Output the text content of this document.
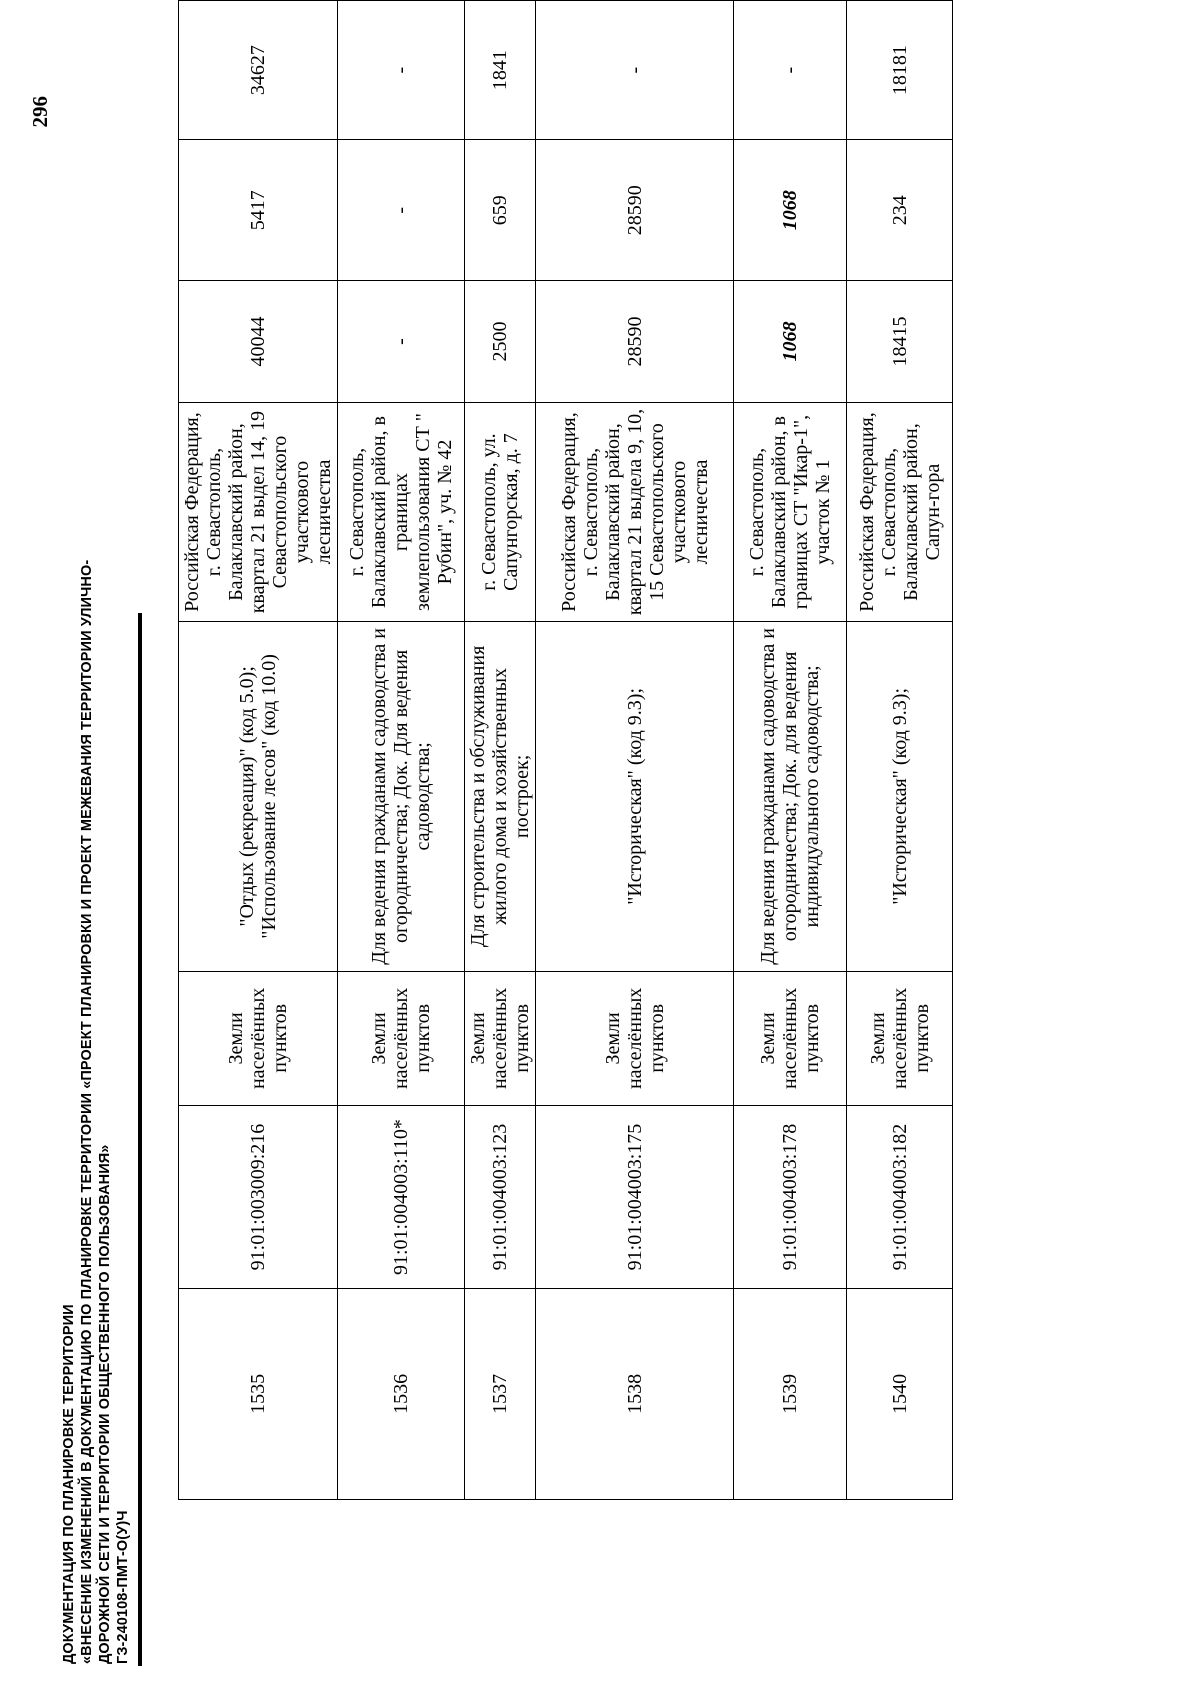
ДОКУМЕНТАЦИЯ ПО ПЛАНИРОВКЕ ТЕРРИТОРИИ «ВНЕСЕНИЕ ИЗМЕНЕНИЙ В ДОКУМЕНТАЦИЮ ПО ПЛАНИРОВКЕ ТЕРРИТОРИИ «ПРОЕКТ ПЛАНИРОВКИ И ПРОЕКТ МЕЖЕВАНИЯ ТЕРРИТОРИИ УЛИЧНО- ДОРОЖНОЙ СЕТИ И ТЕРРИТОРИИ ОБЩЕСТВЕННОГО ПОЛЬЗОВАНИЯ» ГЗ-240108-ПМТ-О(У)Ч
296
1535	91:01:003009:216	Земли населённых пунктов	"Отдых (рекреация)" (код 5.0); "Использование лесов" (код 10.0)	Российская Федерация, г. Севастополь, Балаклавский район, квартал 21 выдел 14, 19 Севастопольского участкового лесничества	40044	5417	34627
1536	91:01:004003:110*	Земли населённых пунктов	Для ведения гражданами садоводства и огородничества; Док. Для ведения садоводства;	г. Севастополь, Балаклавский район, в границах землепользования СТ " Рубин", уч. № 42	-	-	-
1537	91:01:004003:123	Земли населённых пунктов	Для строительства и обслуживания жилого дома и хозяйственных построек;	г. Севастополь, ул. Сапунгорская, д. 7	2500	659	1841
1538	91:01:004003:175	Земли населённых пунктов	"Историческая" (код 9.3);	Российская Федерация, г. Севастополь, Балаклавский район, квартал 21 выдела 9, 10, 15 Севастопольского участкового лесничества	28590	28590	-
1539	91:01:004003:178	Земли населённых пунктов	Для ведения гражданами садоводства и огородничества; Док. для ведения индивидуального садоводства;	г. Севастополь, Балаклавский район, в границах СТ "Икар-1", участок № 1	1068	1068	-
1540	91:01:004003:182	Земли населённых пунктов	"Историческая" (код 9.3);	Российская Федерация, г. Севастополь, Балаклавский район, Сапун-гора	18415	234	18181
